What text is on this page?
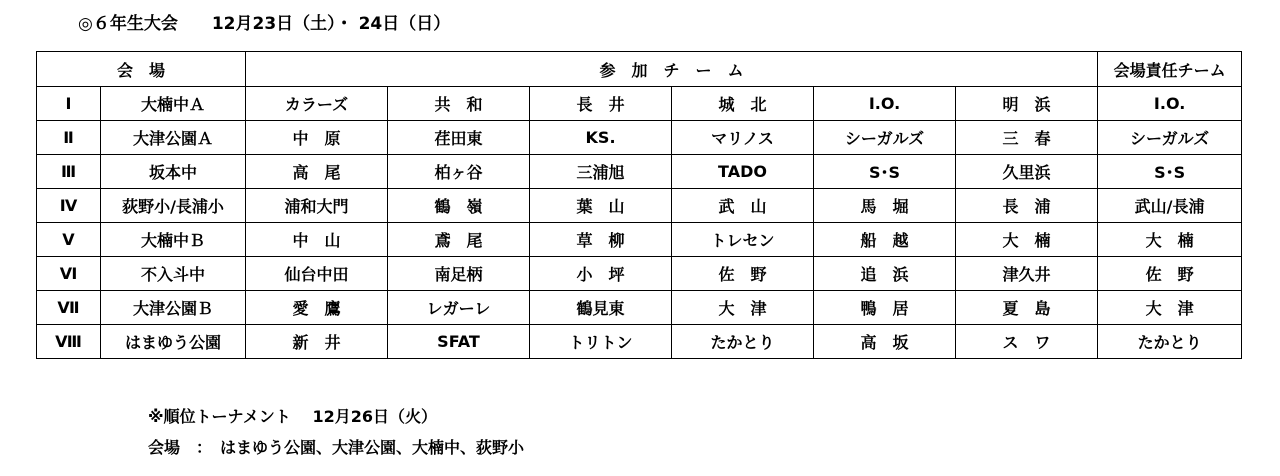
◎６年生大会　　12月23日（土）・ 24日（日）
会　場		参　加　チ　ー　ム						会場責任チーム
Ⅰ	大楠中Ａ	カラーズ	共　和	長　井	城　北	I.O.	明　浜	I.O.
Ⅱ	大津公園Ａ	中　原	荏田東	KS.	マリノス	シーガルズ	三　春	シーガルズ
Ⅲ	坂本中	高　尾	柏ヶ谷	三浦旭	TADO	S･S	久里浜	S･S
Ⅳ	荻野小/長浦小	浦和大門	鶴　嶺	葉　山	武　山	馬　堀	長　浦	武山/長浦
Ⅴ	大楠中Ｂ	中　山	鳶　尾	草　柳	トレセン	船　越	大　楠	大　楠
Ⅵ	不入斗中	仙台中田	南足柄	小　坪	佐　野	追　浜	津久井	佐　野
Ⅶ	大津公園Ｂ	愛　鷹	レガーレ	鶴見東	大　津	鴨　居	夏　島	大　津
Ⅷ	はまゆう公園	新　井	SFAT	トリトン	たかとり	高　坂	ス　ワ	たかとり
※順位トーナメント　 12月26日（火）
会場　：　はまゆう公園、大津公園、大楠中、荻野小
